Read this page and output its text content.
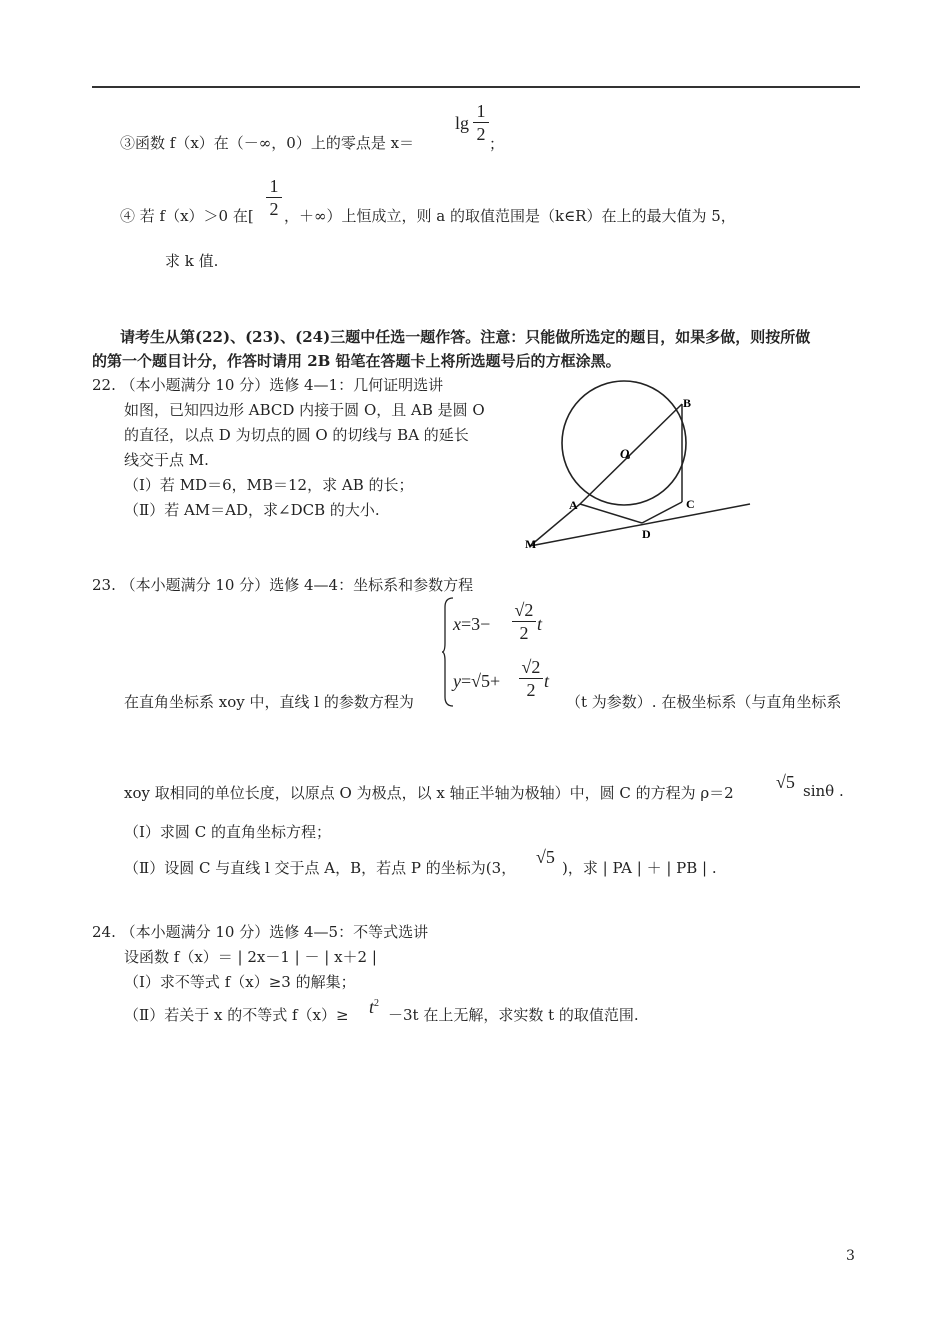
③函数 f（x）在（－∞，0）上的零点是 x＝
lg
1
2 ；
④ 若 f（x）＞0 在[
1
2 ，＋∞）上恒成立，则 a 的取值范围是（k∈R）在上的最大值为 5，
求 k 值.
请考生从第(22)、(23)、(24)三题中任选一题作答。注意：只能做所选定的题目，如果多做，则按所做
的第一个题目计分，作答时请用 2B 铅笔在答题卡上将所选题号后的方框涂黑。
22. （本小题满分 10 分）选修 4—1：几何证明选讲
如图，已知四边形 ABCD 内接于圆 O，且 AB 是圆 O
的直径，以点 D 为切点的圆 O 的切线与 BA 的延长
线交于点 M.
（Ⅰ）若 MD＝6，MB＝12，求 AB 的长；
（Ⅱ）若 AM＝AD，求∠DCB 的大小.
B
O
A	C
D
M
23. （本小题满分 10 分）选修 4—4：坐标系和参数方程
x=3−
√2
2 t
y=√5+
√2
2 t
在直角坐标系 xoy 中，直线 l 的参数方程为	（t 为参数）. 在极坐标系（与直角坐标系
xoy 取相同的单位长度，以原点 O 为极点，以 x 轴正半轴为极轴）中，圆 C 的方程为 ρ＝2
√5 sinθ .
（Ⅰ）求圆 C 的直角坐标方程；
（Ⅱ）设圆 C 与直线 l 交于点 A，B，若点 P 的坐标为(3，
√5
)，求 | PA | ＋ | PB | .
24. （本小题满分 10 分）选修 4—5：不等式选讲
设函数 f（x）＝ | 2x－1 | － | x＋2 |
（Ⅰ）求不等式 f（x）≥3 的解集；
（Ⅱ）若关于 x 的不等式 $f(x)\ge t^2$
－3t 在上无解，求实数 t 的取值范围.
3
